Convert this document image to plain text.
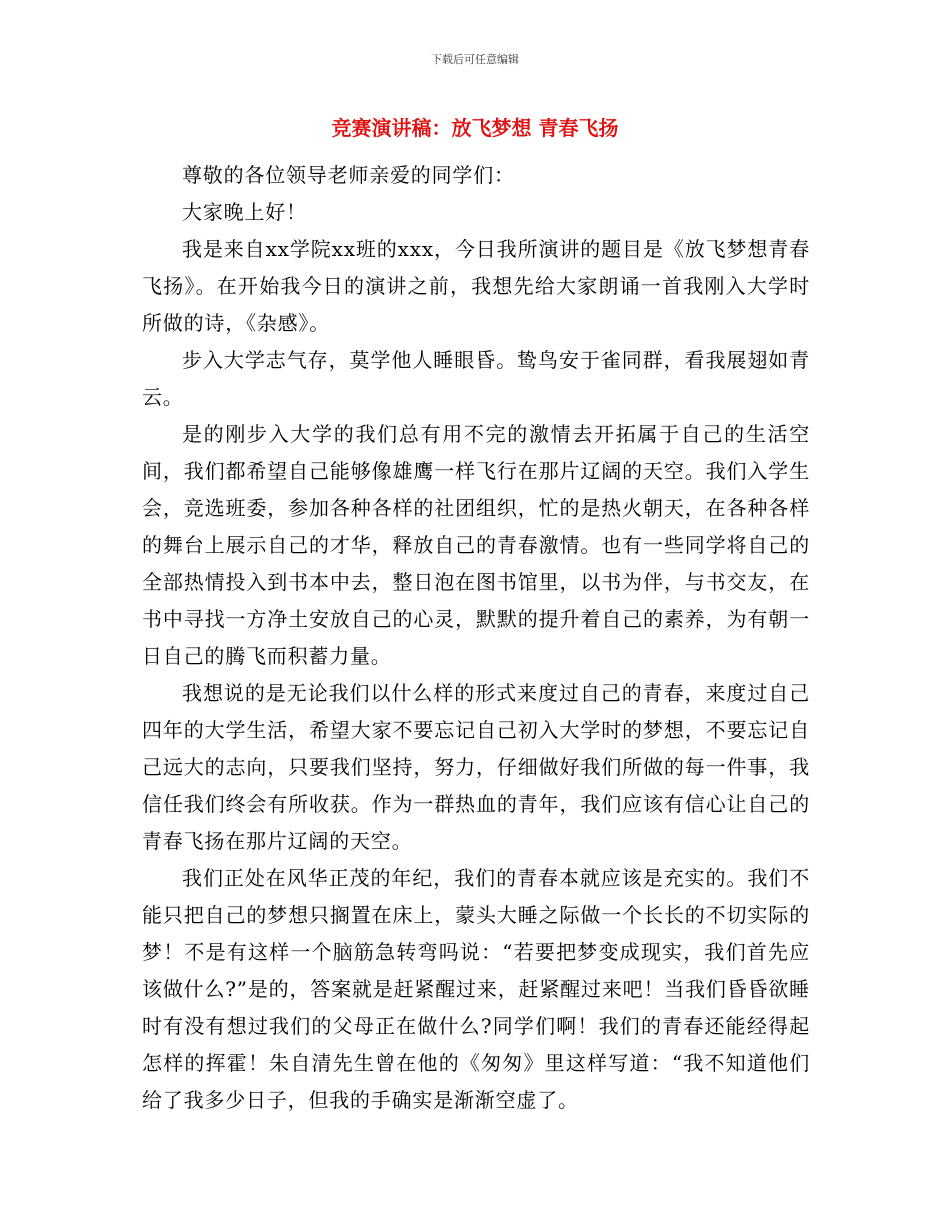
下载后可任意编辑
竞赛演讲稿：放飞梦想 青春飞扬

尊敬的各位领导老师亲爱的同学们：

大家晚上好！

我是来自xx学院xx班的xxx，今日我所演讲的题目是《放飞梦想青春飞扬》。在开始我今日的演讲之前，我想先给大家朗诵一首我刚入大学时所做的诗，《杂感》。

步入大学志气存，莫学他人睡眼昏。鸷鸟安于雀同群，看我展翅如青云。

是的刚步入大学的我们总有用不完的激情去开拓属于自己的生活空间，我们都希望自己能够像雄鹰一样飞行在那片辽阔的天空。我们入学生会，竞选班委，参加各种各样的社团组织，忙的是热火朝天，在各种各样的舞台上展示自己的才华，释放自己的青春激情。也有一些同学将自己的全部热情投入到书本中去，整日泡在图书馆里，以书为伴，与书交友，在书中寻找一方净土安放自己的心灵，默默的提升着自己的素养，为有朝一日自己的腾飞而积蓄力量。

我想说的是无论我们以什么样的形式来度过自己的青春，来度过自己四年的大学生活，希望大家不要忘记自己初入大学时的梦想，不要忘记自己远大的志向，只要我们坚持，努力，仔细做好我们所做的每一件事，我信任我们终会有所收获。作为一群热血的青年，我们应该有信心让自己的青春飞扬在那片辽阔的天空。

我们正处在风华正茂的年纪，我们的青春本就应该是充实的。我们不能只把自己的梦想只搁置在床上，蒙头大睡之际做一个长长的不切实际的梦！不是有这样一个脑筋急转弯吗说：“若要把梦变成现实，我们首先应该做什么?”是的，答案就是赶紧醒过来，赶紧醒过来吧！当我们昏昏欲睡时有没有想过我们的父母正在做什么?同学们啊！我们的青春还能经得起怎样的挥霍！朱自清先生曾在他的《匆匆》里这样写道：“我不知道他们给了我多少日子，但我的手确实是渐渐空虚了。
